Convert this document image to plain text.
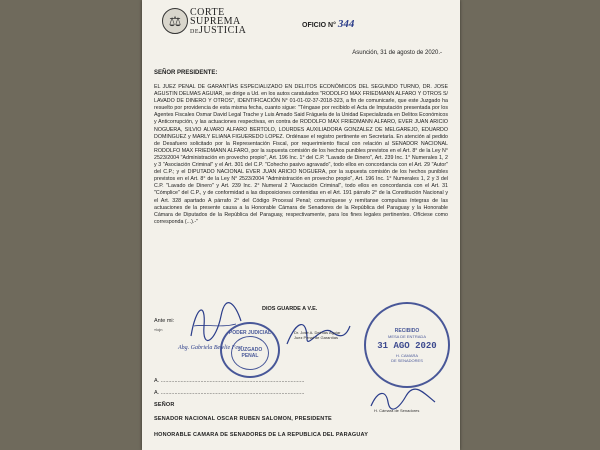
⚖
CORTE
SUPREMA
DEJUSTICIA	OFICIO N° 344
Asunción, 31 de agosto de 2020.-
SEÑOR PRESIDENTE:
EL JUEZ PENAL DE GARANTÍAS ESPECIALIZADO EN DELITOS ECONÓMICOS DEL SEGUNDO TURNO, DR. JOSE AGUSTIN DELMAS AGUIAR, se dirige a Ud. en los autos caratulados "RODOLFO MAX FRIEDMANN ALFARO Y OTROS S/ LAVADO DE DINERO Y OTROS", IDENTIFICACIÓN N° 01-01-02-37-2018-323, a fin de comunicarle, que este Juzgado ha resuelto por providencia de esta misma fecha, cuanto sigue: "Téngase por recibido el Acta de Imputación presentada por los Agentes Fiscales Osmar David Legal Trache y Luis Amado Said Fráguela de la Unidad Especializada en Delitos Económicos y Anticorrupción, y las actuaciones respectivas, en contra de RODOLFO MAX FRIEDMANN ALFARO, EVER JUAN ARICIO NOGUERA, SILVIO ALVARO ALFARO BERTOLO, LOURDES AUXILIADORA GONZALEZ DE MELGAREJO, EDUARDO DOMINGUEZ y MARLY ELIANA FIGUEREDO LOPEZ. Ordénase el registro pertinente en Secretaría. En atención al pedido de Desafuero solicitado por la Representación Fiscal, por requerimiento fiscal con relación al SENADOR NACIONAL RODOLFO MAX FRIEDMANN ALFARO, por la supuesta comisión de los hechos punibles previstos en el Art. 8° de la Ley N° 2523/2004 "Administración en provecho propio", Art. 196 Inc. 1° del C.P. "Lavado de Dinero", Art. 239 Inc. 1° Numerales 1, 2 y 3 "Asociación Criminal" y el Art. 301 del C.P. "Cohecho pasivo agravado", todo ellos en concordancia con el Art. 29 "Autor" del C.P.; y el DIPUTADO NACIONAL EVER JUAN ARICIO NOGUERA, por la supuesta comisión de los hechos punibles previstos en el Art. 8° de la Ley N° 2523/2004 "Administración en provecho propio", Art. 196 Inc. 1° Numerales 1, 2 y 3 del C.P. "Lavado de Dinero" y Art. 239 Inc. 2° Numeral 2 "Asociación Criminal", todo ellos en concordancia con el Art. 31 "Cómplice" del C.P., y de conformidad a las disposiciones contenidas en el Art. 191 párrafo 2° de la Constitución Nacional y el Art. 328 apartado A párrafo 2° del Código Procesal Penal; comuníquese y remítanse compulsas íntegras de las actuaciones de la presente causa a la Honorable Cámara de Senadores de la República del Paraguay y la Honorable Cámara de Diputados de la República del Paraguay, respectivamente, para los fines legales pertinentes. Ofíciese como corresponda (...).-"
Abg. Gabriela Bewlie Ferr
DIOS GUARDE A V.E.
Ante mi:
«lojn
PODER JUDICIAL
JUZGADO
PENAL
Dr. José A. Delmas Aguiar
Juez Penal de Garantías
RECIBIDO
MESA DE ENTRADA
31 AGO 2020
H. CAMARA
DE SENADORES
A. ..............................................................................................
A. ..............................................................................................
H. Cámara de Senadores
SEÑOR
SENADOR NACIONAL OSCAR RUBEN SALOMON, PRESIDENTE
HONORABLE CAMARA DE SENADORES DE LA REPUBLICA DEL PARAGUAY
